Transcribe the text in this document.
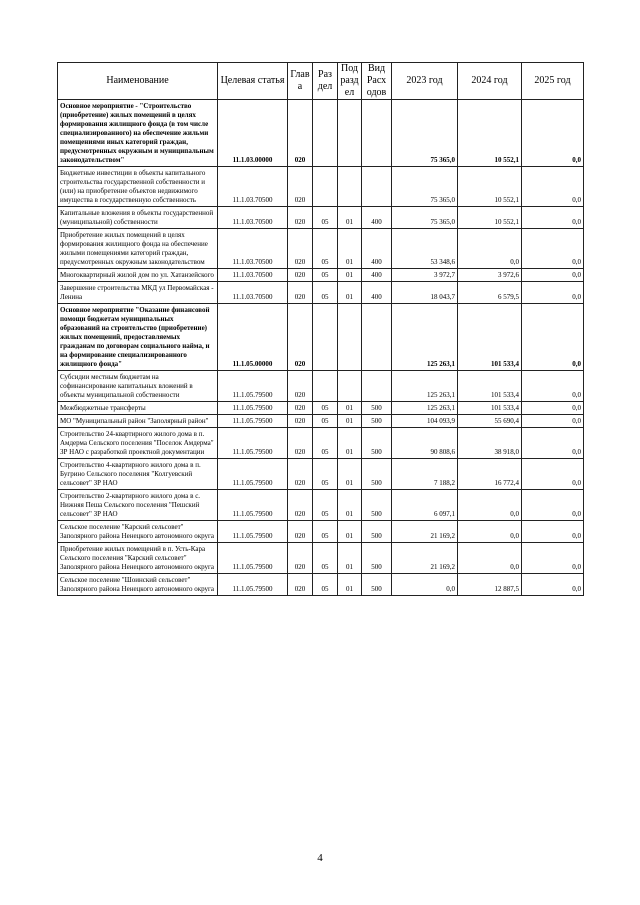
Наименование	Целевая статья	Глав а	Раз дел	Под разд ел	Вид Расх одов	2023 год	2024 год	2025 год
Основное мероприятие - "Строительство (приобретение) жилых помещений в целях формирования жилищного фонда (в том числе специализированного) на обеспечение жильми помещениями иных категорий граждан, предусмотренных окружным и муниципальным законодательством"	11.1.03.00000	020				75 365,0	10 552,1	0,0
Бюджетные инвестиции в объекты капитального строительства государственной собственности и (или) на приобретение объектов недвижимого имущества в государственную собственность	11.1.03.70500	020				75 365,0	10 552,1	0,0
Капитальные вложения в объекты государственной (муниципальной) собственности	11.1.03.70500	020	05	01	400	75 365,0	10 552,1	0,0
Приобретение жилых помещений в целях формирования жилищного фонда на обеспечение жилыми помещениями категорий граждан, предусмотренных окружным законодательством	11.1.03.70500	020	05	01	400	53 348,6	0,0	0,0
Многоквартирный жилой дом по ул. Хатанзейского	11.1.03.70500	020	05	01	400	3 972,7	3 972,6	0,0
Завершение строительства МКД ул Первомайская - Ленина	11.1.03.70500	020	05	01	400	18 043,7	6 579,5	0,0
Основное мероприятие "Оказание финансовой помощи бюджетам муниципальных образований на строительство (приобретение) жилых помещений, предоставляемых гражданам по договорам социального найма, и на формирование специализированного жилищного фонда"	11.1.05.00000	020				125 263,1	101 533,4	0,0
Субсидии местным бюджетам на софинансирование капитальных вложений в объекты муниципальной собственности	11.1.05.79500	020				125 263,1	101 533,4	0,0
Межбюджетные трансферты	11.1.05.79500	020	05	01	500	125 263,1	101 533,4	0,0
МО "Муниципальный район "Заполярный район"	11.1.05.79500	020	05	01	500	104 093,9	55 690,4	0,0
Строительство 24-квартирного жилого дома в п. Амдерма Сельского поселения "Поселок Амдерма" ЗР НАО с разработкой проектной документации	11.1.05.79500	020	05	01	500	90 808,6	38 918,0	0,0
Строительство 4-квартирного жилого дома в п. Бугрино Сельского поселения "Колгуевский сельсовет" ЗР НАО	11.1.05.79500	020	05	01	500	7 188,2	16 772,4	0,0
Строительство 2-квартирного жилого дома в с. Нижняя Пеша Сельского поселения "Пешский сельсовет" ЗР НАО	11.1.05.79500	020	05	01	500	6 097,1	0,0	0,0
Сельское поселение "Карский сельсовет" Заполярного района Ненецкого автономного округа	11.1.05.79500	020	05	01	500	21 169,2	0,0	0,0
Приобретение жилых помещений в п. Усть-Кара Сельского поселения "Карский сельсовет" Заполярного района Ненецкого автономного округа	11.1.05.79500	020	05	01	500	21 169,2	0,0	0,0
Сельское поселение "Шоинский сельсовет" Заполярного района Ненецкого автономного округа	11.1.05.79500	020	05	01	500	0,0	12 887,5	0,0
4
